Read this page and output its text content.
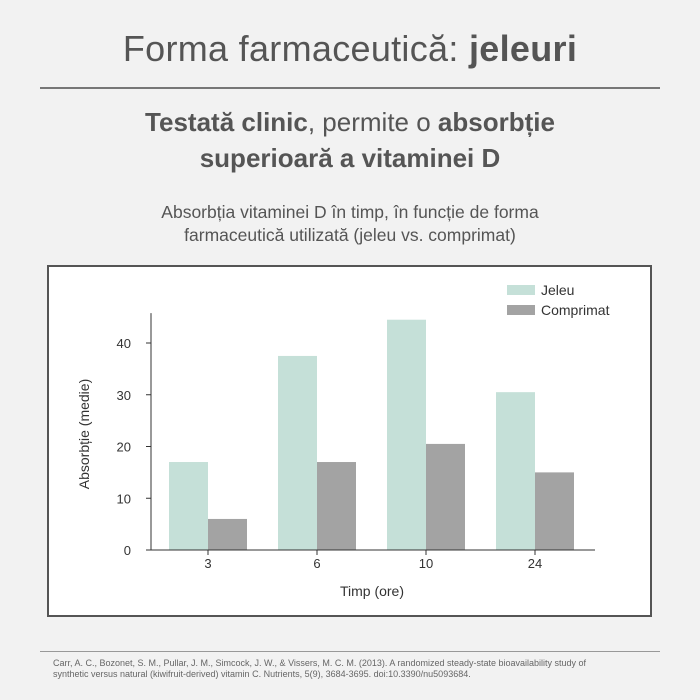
Forma farmaceutică: jeleuri
Testată clinic, permite o absorbție
superioară a vitaminei D
Absorbția vitaminei D în timp, în funcție de forma
farmaceutică utilizată (jeleu vs. comprimat)
0
10
20
30
40
3	6	10	24
Timp (ore)
Absorbție (medie)
Jeleu
Comprimat
Carr, A. C., Bozonet, S. M., Pullar, J. M., Simcock, J. W., & Vissers, M. C. M. (2013). A randomized steady-state bioavailability study of
synthetic versus natural (kiwifruit-derived) vitamin C. Nutrients, 5(9), 3684-3695. doi:10.3390/nu5093684.
